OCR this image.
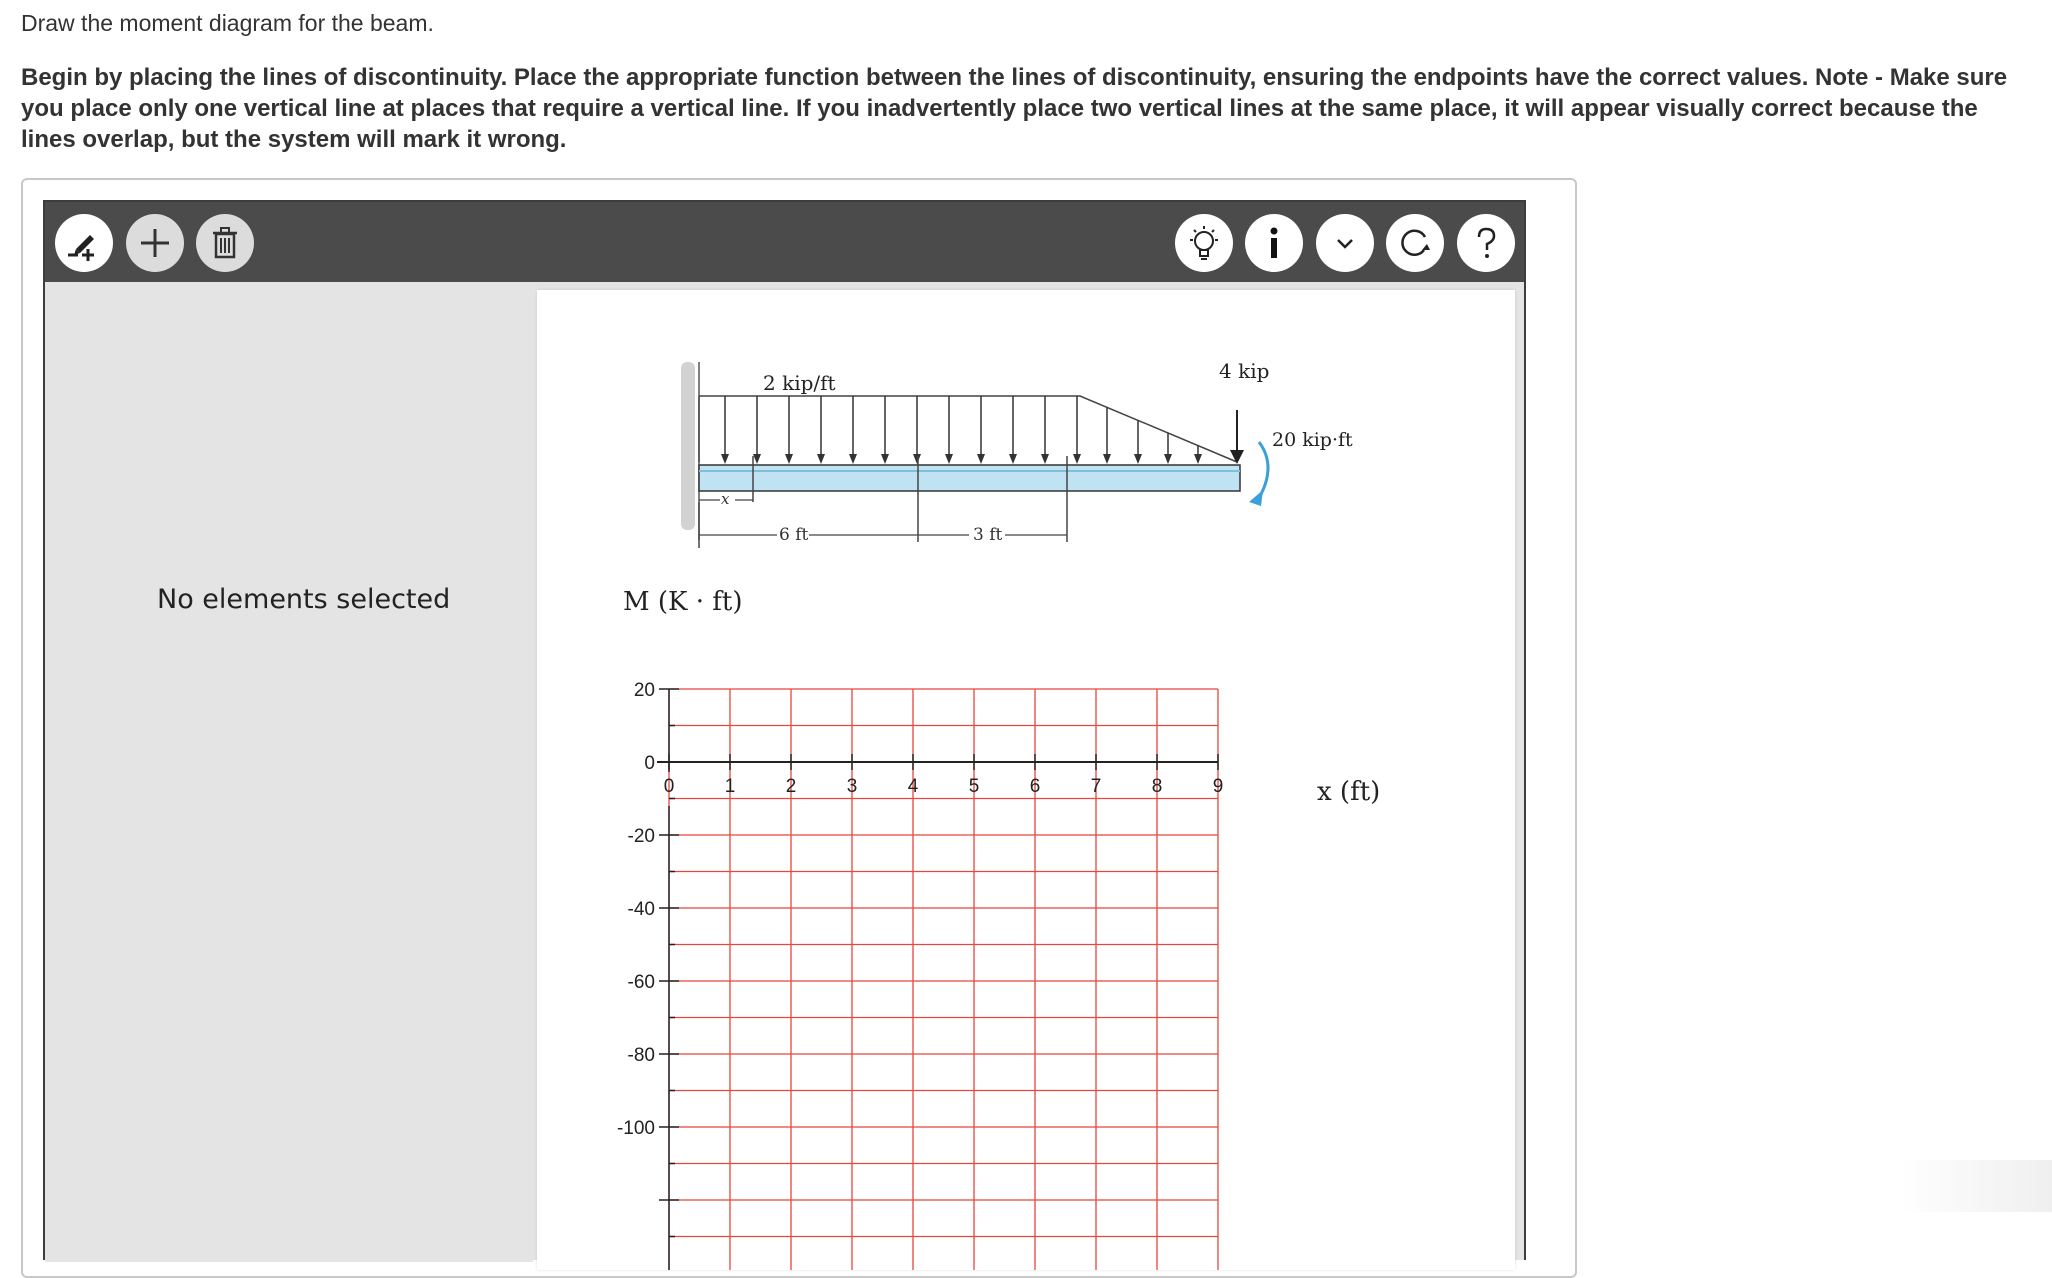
Draw the moment diagram for the beam.
Begin by placing the lines of discontinuity. Place the appropriate function between the lines of discontinuity, ensuring the endpoints have the correct values. Note - Make sure you place only one vertical line at places that require a vertical line. If you inadvertently place two vertical lines at the same place, it will appear visually correct because the lines overlap, but the system will mark it wrong.
No elements selected
2 kip/ft	4 kip
20 kip·ft
x
6 ft	3 ft
M (K · ft)
x (ft)
0	1	2	3	4	5	6	7	8	9
20
0
-20
-40
-60
-80
-100
